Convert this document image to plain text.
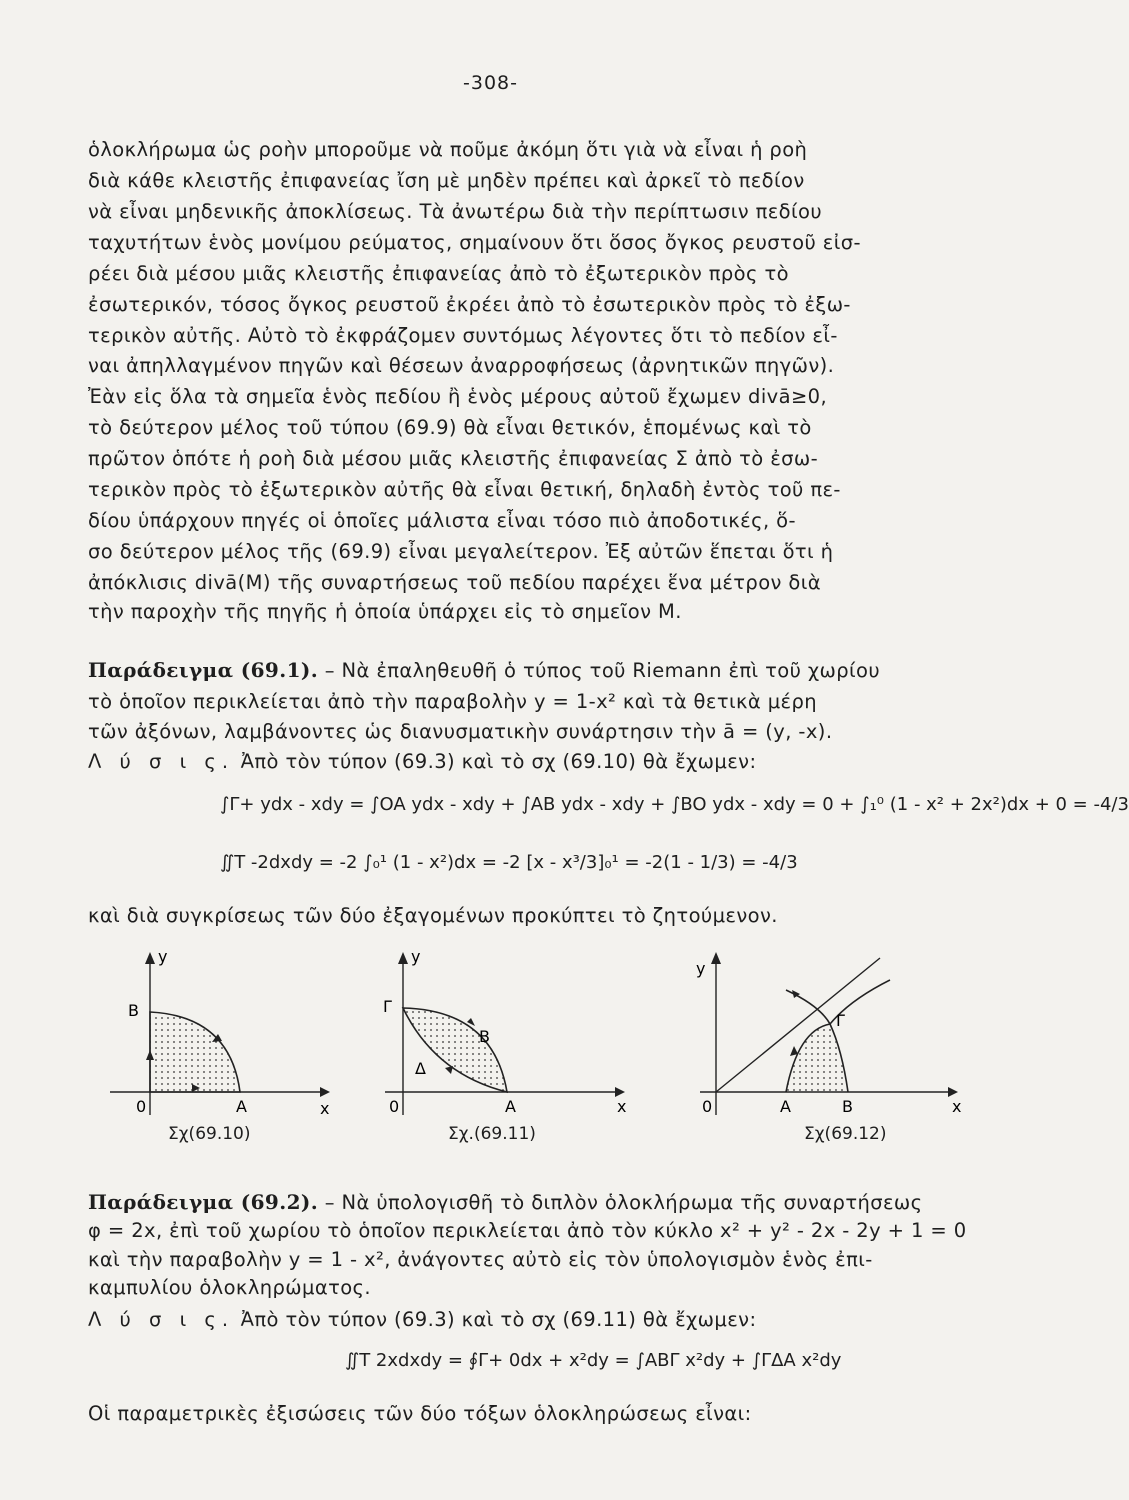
-308-
ὁλοκλήρωμα ὡς ροὴν μποροῦμε νὰ ποῦμε ἀκόμη ὅτι γιὰ νὰ εἶναι ἡ ροὴ
διὰ κάθε κλειστῆς ἐπιφανείας ἴση μὲ μηδὲν πρέπει καὶ ἀρκεῖ τὸ πεδίον
νὰ εἶναι μηδενικῆς ἀποκλίσεως. Τὰ ἀνωτέρω διὰ τὴν περίπτωσιν πεδίου
ταχυτήτων ἑνὸς μονίμου ρεύματος, σημαίνουν ὅτι ὅσος ὄγκος ρευστοῦ εἰσ-
ρέει διὰ μέσου μιᾶς κλειστῆς ἐπιφανείας ἀπὸ τὸ ἐξωτερικὸν πρὸς τὸ
ἐσωτερικόν, τόσος ὄγκος ρευστοῦ ἐκρέει ἀπὸ τὸ ἐσωτερικὸν πρὸς τὸ ἐξω-
τερικὸν αὐτῆς. Αὐτὸ τὸ ἐκφράζομεν συντόμως λέγοντες ὅτι τὸ πεδίον εἶ-
ναι ἀπηλλαγμένον πηγῶν καὶ θέσεων ἀναρροφήσεως (ἀρνητικῶν πηγῶν).
Ἐὰν εἰς ὅλα τὰ σημεῖα ἑνὸς πεδίου ἢ ἑνὸς μέρους αὐτοῦ ἔχωμεν divā≥0,
τὸ δεύτερον μέλος τοῦ τύπου (69.9) θὰ εἶναι θετικόν, ἑπομένως καὶ τὸ
πρῶτον ὁπότε ἡ ροὴ διὰ μέσου μιᾶς κλειστῆς ἐπιφανείας Σ ἀπὸ τὸ ἐσω-
τερικὸν πρὸς τὸ ἐξωτερικὸν αὐτῆς θὰ εἶναι θετική, δηλαδὴ ἐντὸς τοῦ πε-
δίου ὑπάρχουν πηγές οἱ ὁποῖες μάλιστα εἶναι τόσο πιὸ ἀποδοτικές, ὅ-
σο δεύτερον μέλος τῆς (69.9) εἶναι μεγαλείτερον. Ἐξ αὐτῶν ἕπεται ὅτι ἡ
ἀπόκλισις divā(M) τῆς συναρτήσεως τοῦ πεδίου παρέχει ἕνα μέτρον διὰ
τὴν παροχὴν τῆς πηγῆς ἡ ὁποία ὑπάρχει εἰς τὸ σημεῖον Μ.
Παράδειγμα (69.1). – Νὰ ἐπαληθευθῆ ὁ τύπος τοῦ Riemann ἐπὶ τοῦ χωρίου
τὸ ὁποῖον περικλείεται ἀπὸ τὴν παραβολὴν y = 1-x² καὶ τὰ θετικὰ μέρη
τῶν ἀξόνων, λαμβάνοντες ὡς διανυσματικὴν συνάρτησιν τὴν ā = (y, -x).
Λ ύ σ ι ς. Ἀπὸ τὸν τύπον (69.3) καὶ τὸ σχ (69.10) θὰ ἔχωμεν:
∫Γ+ ydx - xdy = ∫OA ydx - xdy + ∫AB ydx - xdy + ∫BO ydx - xdy = 0 + ∫₁⁰ (1 - x² + 2x²)dx + 0 = -4/3
∬T -2dxdy = -2 ∫₀¹ (1 - x²)dx = -2 [x - x³/3]₀¹ = -2(1 - 1/3) = -4/3
καὶ διὰ συγκρίσεως τῶν δύο ἐξαγομένων προκύπτει τὸ ζητούμενον.
y
B
0	A	x
Σχ(69.10)
y
Γ
B
Δ
0	A	x
Σχ.(69.11)
y
Γ
0	A	B	x
Σχ(69.12)
Παράδειγμα (69.2). – Νὰ ὑπολογισθῆ τὸ διπλὸν ὁλοκλήρωμα τῆς συναρτήσεως
φ = 2x, ἐπὶ τοῦ χωρίου τὸ ὁποῖον περικλείεται ἀπὸ τὸν κύκλο x² + y² - 2x - 2y + 1 = 0
καὶ τὴν παραβολὴν y = 1 - x², ἀνάγοντες αὐτὸ εἰς τὸν ὑπολογισμὸν ἑνὸς ἐπι-
καμπυλίου ὁλοκληρώματος.
Λ ύ σ ι ς. Ἀπὸ τὸν τύπον (69.3) καὶ τὸ σχ (69.11) θὰ ἔχωμεν:
∬T 2xdxdy = ∮Γ+ 0dx + x²dy = ∫ΑΒΓ x²dy + ∫ΓΔΑ x²dy
Οἱ παραμετρικὲς ἐξισώσεις τῶν δύο τόξων ὁλοκληρώσεως εἶναι:
